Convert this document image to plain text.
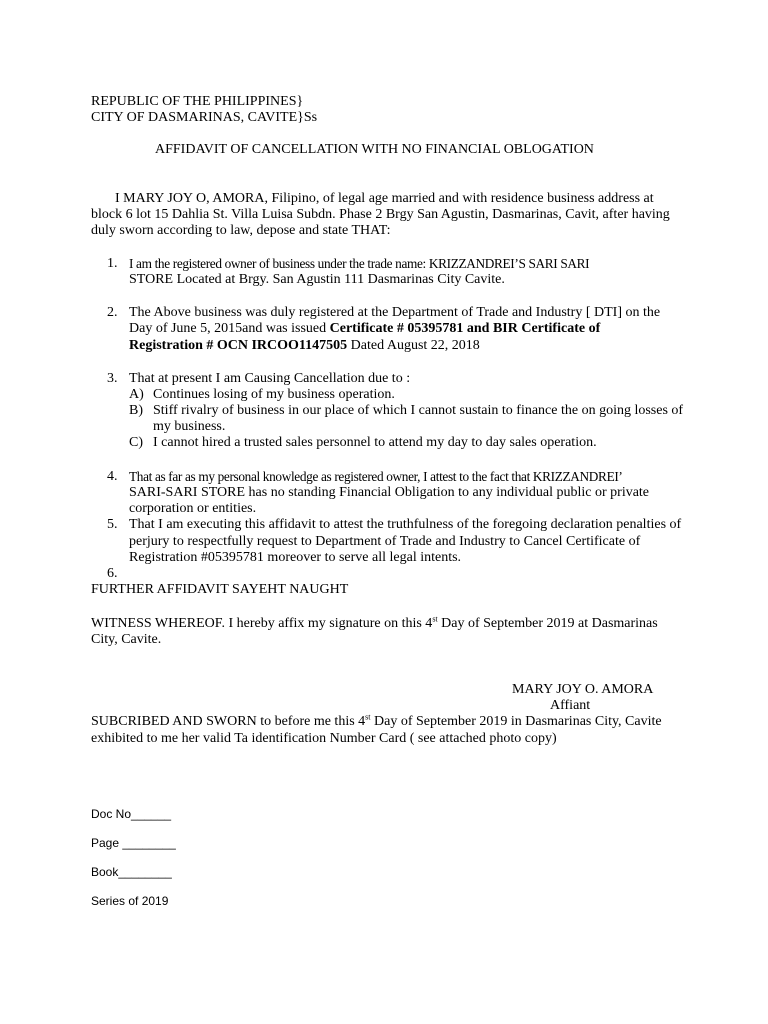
REPUBLIC OF THE PHILIPPINES}
CITY OF DASMARINAS, CAVITE}Ss
AFFIDAVIT OF CANCELLATION WITH NO FINANCIAL OBLOGATION
I MARY JOY O, AMORA, Filipino, of legal age married and with residence business address at
block 6 lot 15 Dahlia St. Villa Luisa Subdn. Phase 2 Brgy San Agustin, Dasmarinas, Cavit, after having
duly sworn according to law, depose and state THAT:
1. I am the registered owner of business under the trade name: KRIZZANDREI’S SARI SARI
STORE Located at Brgy. San Agustin 111 Dasmarinas City Cavite.
2. The Above business was duly registered at the Department of Trade and Industry [ DTI] on the
Day of June 5, 2015and was issued Certificate # 05395781 and BIR Certificate of
Registration # OCN IRCOO1147505 Dated August 22, 2018
3. That at present I am Causing Cancellation due to :
A) Continues losing of my business operation.
B) Stiff rivalry of business in our place of which I cannot sustain to finance the on going losses of
my business.
C) I cannot hired a trusted sales personnel to attend my day to day sales operation.
4. That as far as my personal knowledge as registered owner, I attest to the fact that KRIZZANDREI’
SARI-SARI STORE has no standing Financial Obligation to any individual public or private
corporation or entities.
5. That I am executing this affidavit to attest the truthfulness of the foregoing declaration penalties of
perjury to respectfully request to Department of Trade and Industry to Cancel Certificate of
Registration #05395781 moreover to serve all legal intents.
6.
FURTHER AFFIDAVIT SAYEHT NAUGHT
WITNESS WHEREOF. I hereby affix my signature on this 4st Day of September 2019 at Dasmarinas
City, Cavite.
MARY JOY O. AMORA
Affiant
SUBCRIBED AND SWORN to before me this 4st Day of September 2019 in Dasmarinas City, Cavite
exhibited to me her valid Ta identification Number Card ( see attached photo copy)
Doc No______
Page ________
Book________
Series of 2019
